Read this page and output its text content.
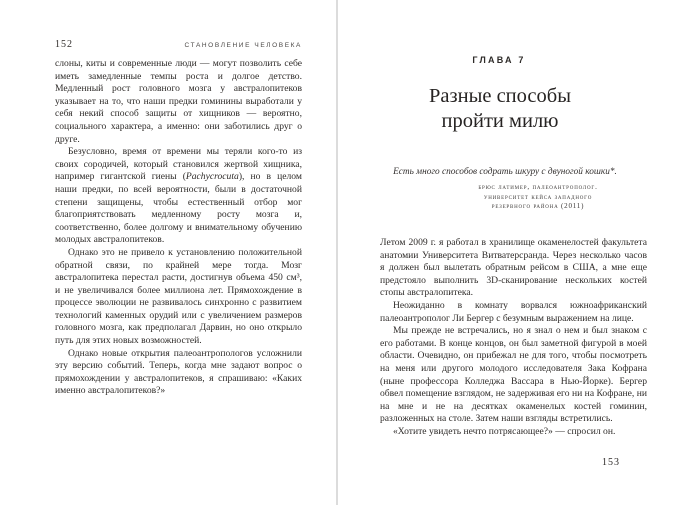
152	СТАНОВЛЕНИЕ ЧЕЛОВЕКА

слоны, киты и современные люди — могут позволить себе иметь замедленные темпы роста и долгое детство. Медленный рост головного мозга у австралопитеков указывает на то, что наши предки гоминины выработали у себя некий способ защиты от хищников — вероятно, социального характера, а именно: они заботились друг о друге.

Безусловно, время от времени мы теряли кого-то из своих сородичей, который становился жертвой хищника, например гигантской гиены (Pachycrocuta), но в целом наши предки, по всей вероятности, были в достаточной степени защищены, чтобы естественный отбор мог благоприятствовать медленному росту мозга и, соответственно, более долгому и внимательному обучению молодых австралопитеков.

Однако это не привело к установлению положительной обратной связи, по крайней мере тогда. Мозг австралопитека перестал расти, достигнув объема 450 см³, и не увеличивался более миллиона лет. Прямохождение в процессе эволюции не развивалось синхронно с развитием технологий каменных орудий или с увеличением размеров головного мозга, как предполагал Дарвин, но оно открыло путь для этих новых возможностей.

Однако новые открытия палеоантропологов усложнили эту версию событий. Теперь, когда мне задают вопрос о прямохождении у австралопитеков, я спрашиваю: «Каких именно австралопитеков?»

ГЛАВА 7
Разные способы
пройти милю
Есть много способов содрать шкуру с двуногой кошки*.
брюс латимер, палеоантрополог.
университет кейса западного
резервного района (2011)

Летом 2009 г. я работал в хранилище окаменелостей факультета анатомии Университета Витватерсранда. Через несколько часов я должен был вылетать обратным рейсом в США, а мне еще предстояло выполнить 3D-сканирование нескольких костей стопы австралопитека.

Неожиданно в комнату ворвался южноафриканский палеоантрополог Ли Бергер с безумным выражением на лице.

Мы прежде не встречались, но я знал о нем и был знаком с его работами. В конце концов, он был заметной фигурой в моей области. Очевидно, он прибежал не для того, чтобы посмотреть на меня или другого молодого исследователя Зака Кофрана (ныне профессора Колледжа Вассара в Нью-Йорке). Бергер обвел помещение взглядом, не задерживая его ни на Кофране, ни на мне и не на десятках окаменелых костей гоминин, разложенных на столе. Затем наши взгляды встретились.

«Хотите увидеть нечто потрясающее?» — спросил он.

153
